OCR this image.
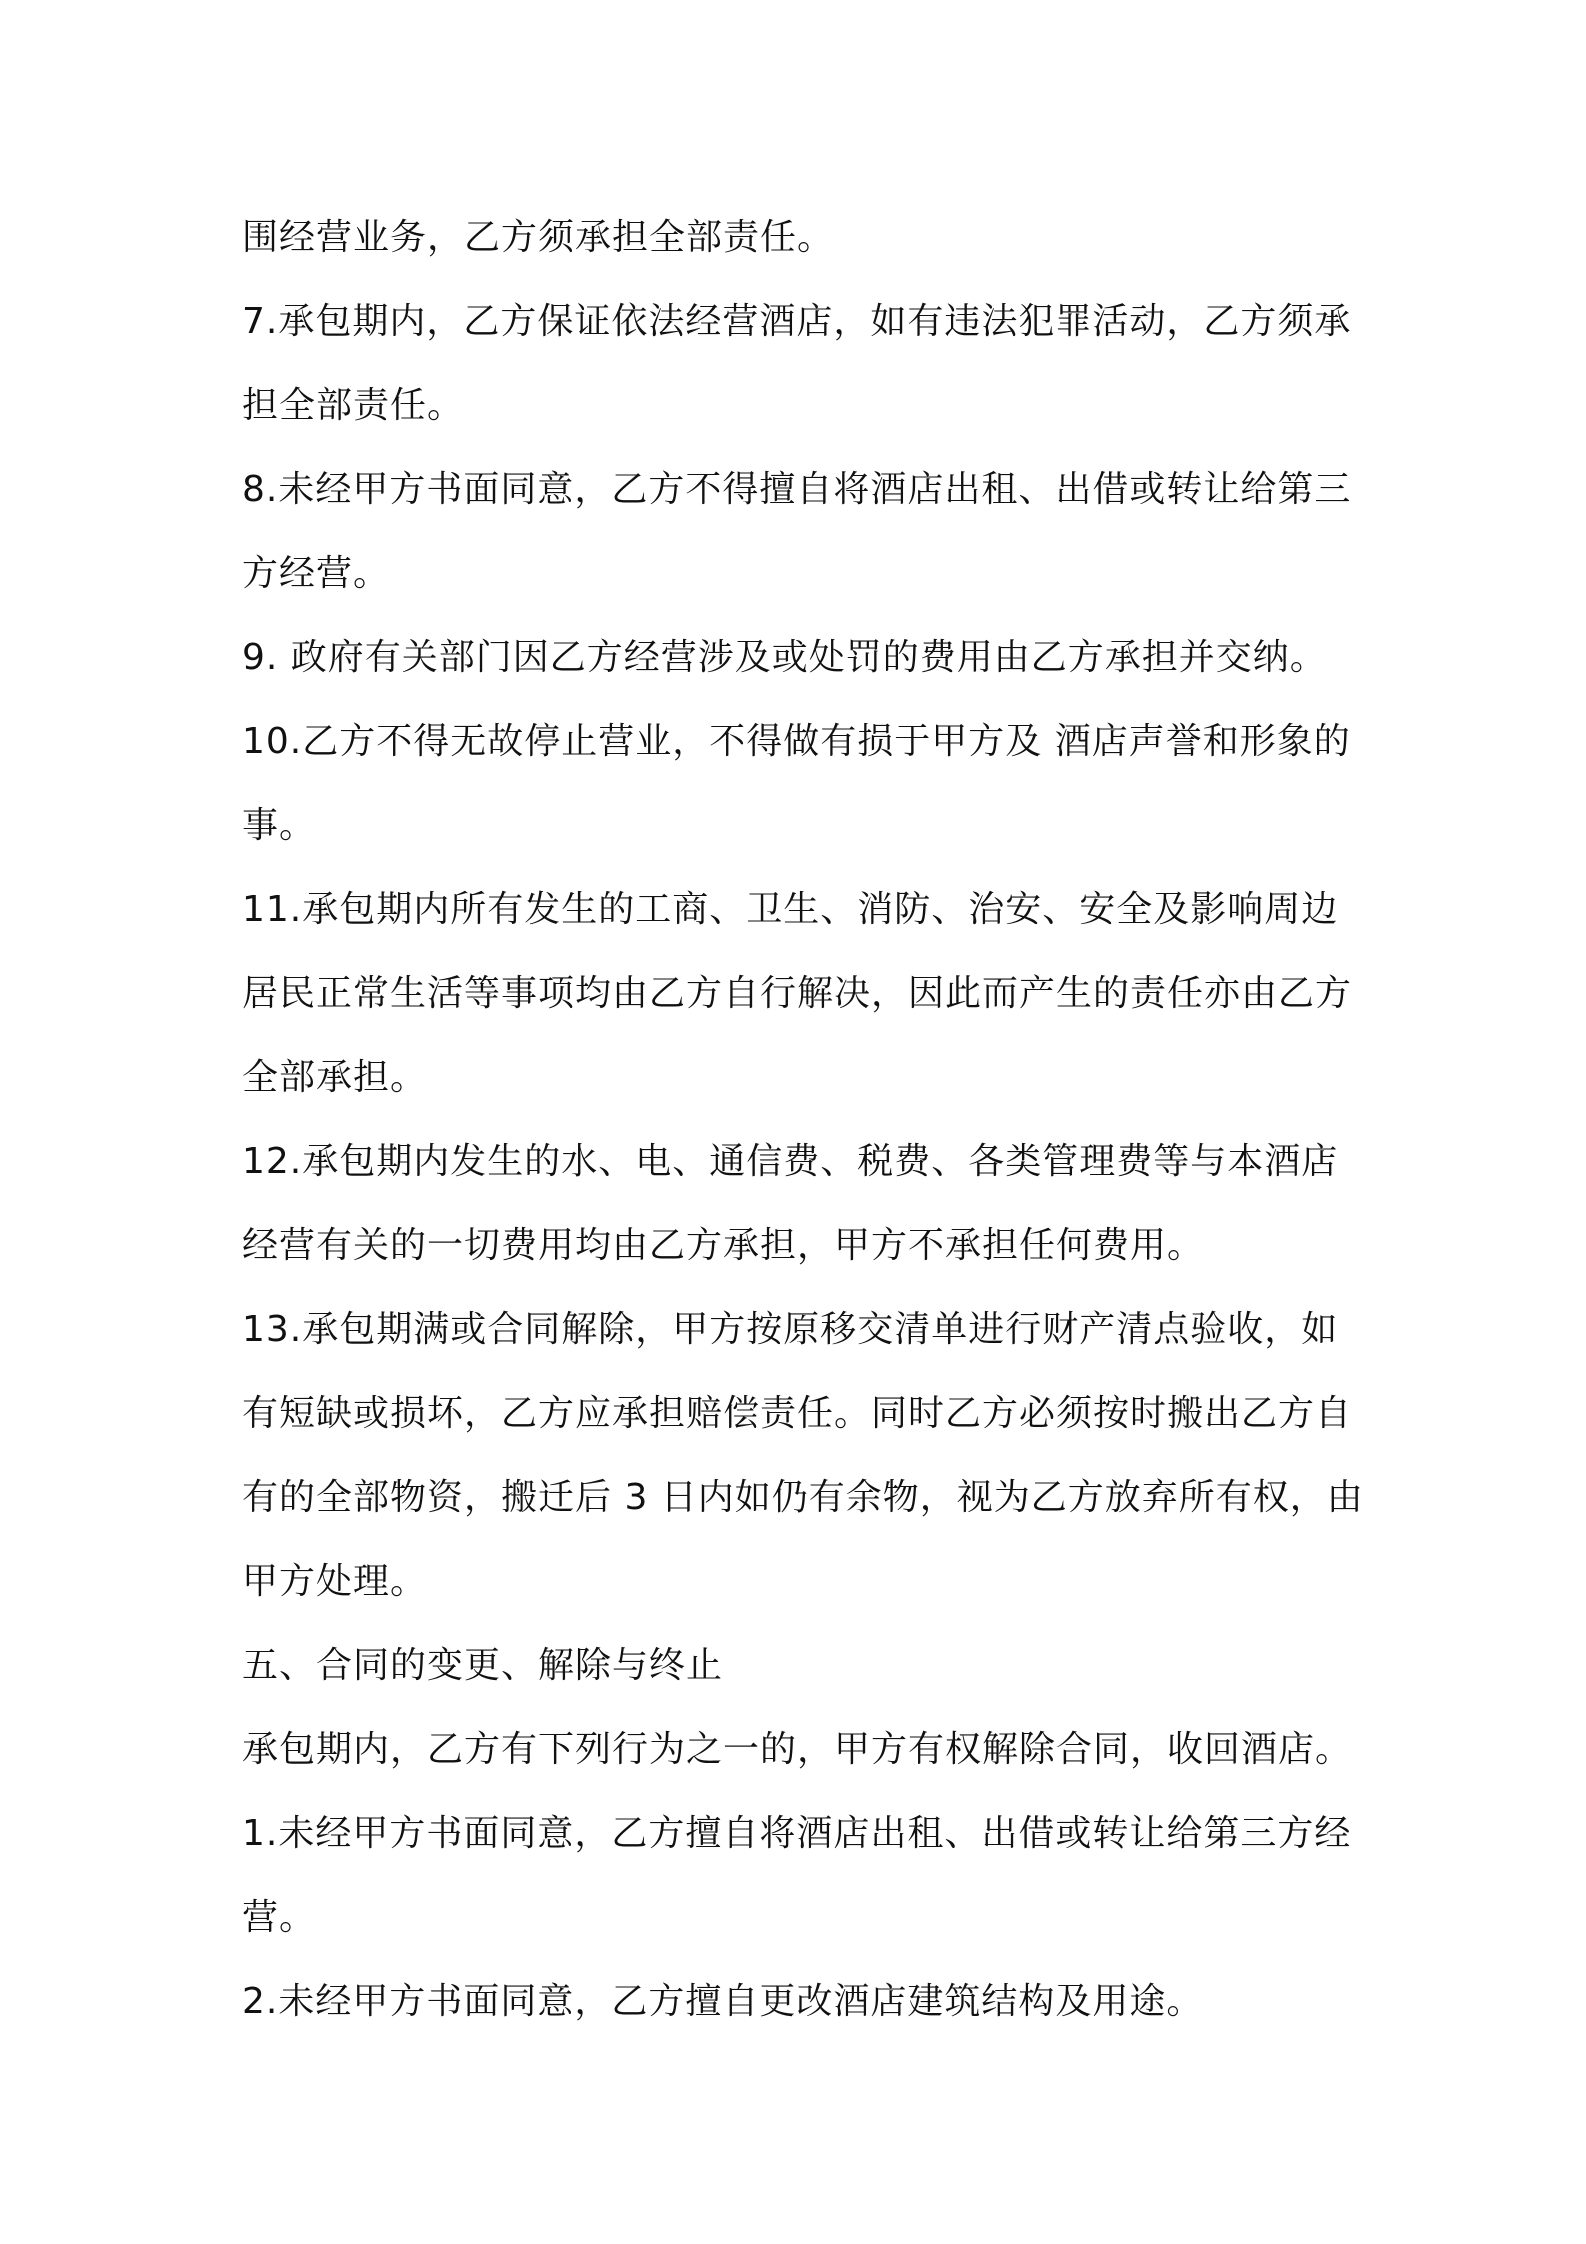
围经营业务，乙方须承担全部责任。
7.承包期内，乙方保证依法经营酒店，如有违法犯罪活动，乙方须承
担全部责任。
8.未经甲方书面同意，乙方不得擅自将酒店出租、出借或转让给第三
方经营。
9. 政府有关部门因乙方经营涉及或处罚的费用由乙方承担并交纳。
10.乙方不得无故停止营业，不得做有损于甲方及 酒店声誉和形象的
事。
11.承包期内所有发生的工商、卫生、消防、治安、安全及影响周边
居民正常生活等事项均由乙方自行解决，因此而产生的责任亦由乙方
全部承担。
12.承包期内发生的水、电、通信费、税费、各类管理费等与本酒店
经营有关的一切费用均由乙方承担，甲方不承担任何费用。
13.承包期满或合同解除，甲方按原移交清单进行财产清点验收，如
有短缺或损坏，乙方应承担赔偿责任。同时乙方必须按时搬出乙方自
有的全部物资，搬迁后 3 日内如仍有余物，视为乙方放弃所有权，由
甲方处理。
五、合同的变更、解除与终止
承包期内，乙方有下列行为之一的，甲方有权解除合同，收回酒店。
1.未经甲方书面同意，乙方擅自将酒店出租、出借或转让给第三方经
营。
2.未经甲方书面同意，乙方擅自更改酒店建筑结构及用途。
